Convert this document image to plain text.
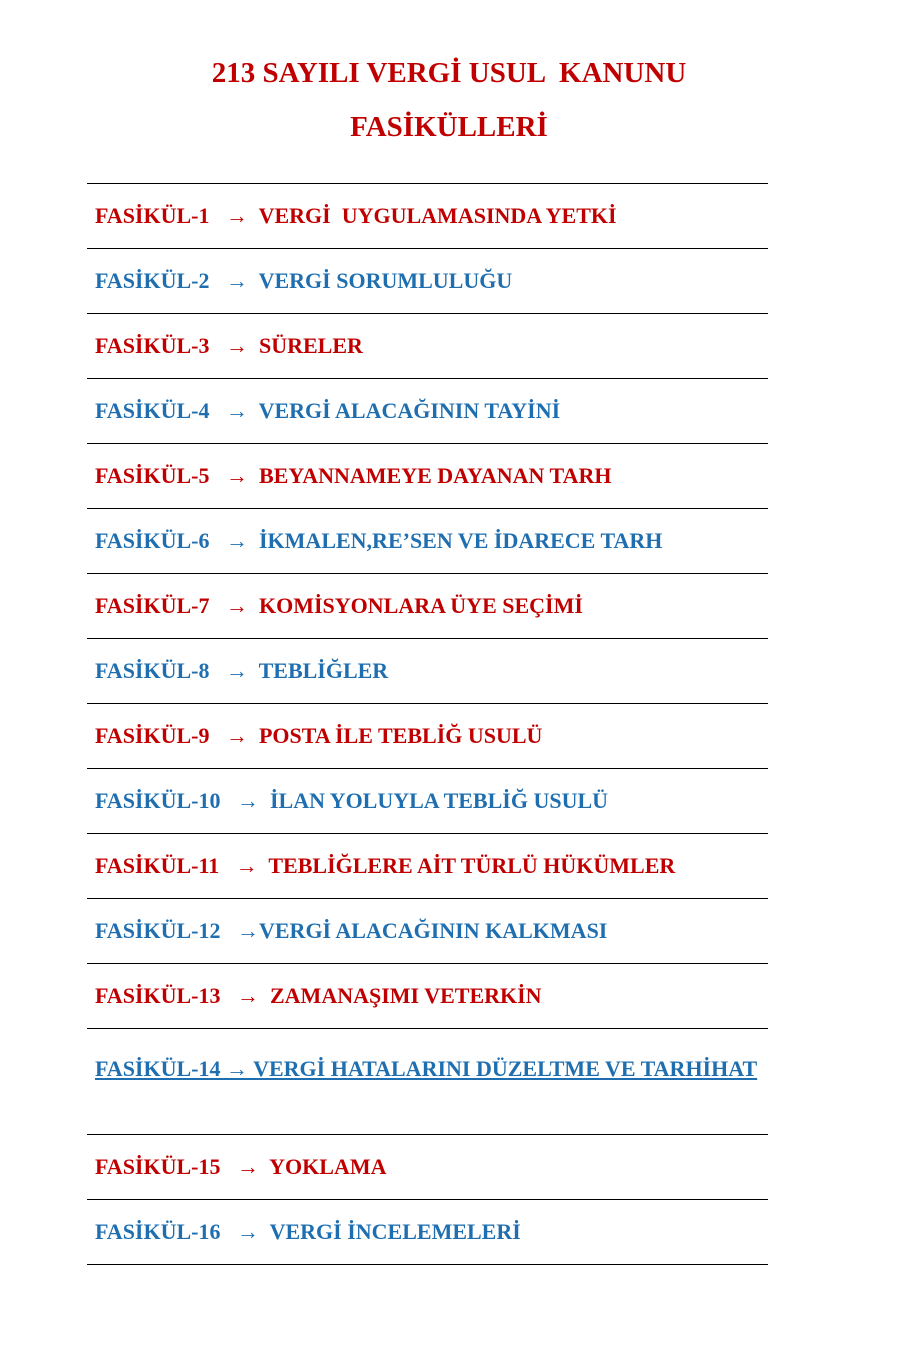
213 SAYILI VERGİ USUL  KANUNU
FASİKÜLLERİ
FASİKÜL-1   →  VERGİ  UYGULAMASINDA YETKİ
FASİKÜL-2   →  VERGİ SORUMLULUĞU
FASİKÜL-3   →  SÜRELER
FASİKÜL-4   →  VERGİ ALACAĞININ TAYİNİ
FASİKÜL-5   →  BEYANNAMEYE DAYANAN TARH
FASİKÜL-6   →  İKMALEN,RE’SEN VE İDARECE TARH
FASİKÜL-7   →  KOMİSYONLARA ÜYE SEÇİMİ
FASİKÜL-8   →  TEBLİĞLER
FASİKÜL-9   →  POSTA İLE TEBLİĞ USULÜ
FASİKÜL-10   →  İLAN YOLUYLA TEBLİĞ USULÜ
FASİKÜL-11   →  TEBLİĞLERE AİT TÜRLÜ HÜKÜMLER
FASİKÜL-12   →VERGİ ALACAĞININ KALKMASI
FASİKÜL-13   →  ZAMANAŞIMI VETERKİN
FASİKÜL-14 → VERGİ HATALARINI DÜZELTME VE TARHİHAT
FASİKÜL-15   →  YOKLAMA
FASİKÜL-16   →  VERGİ İNCELEMELERİ
